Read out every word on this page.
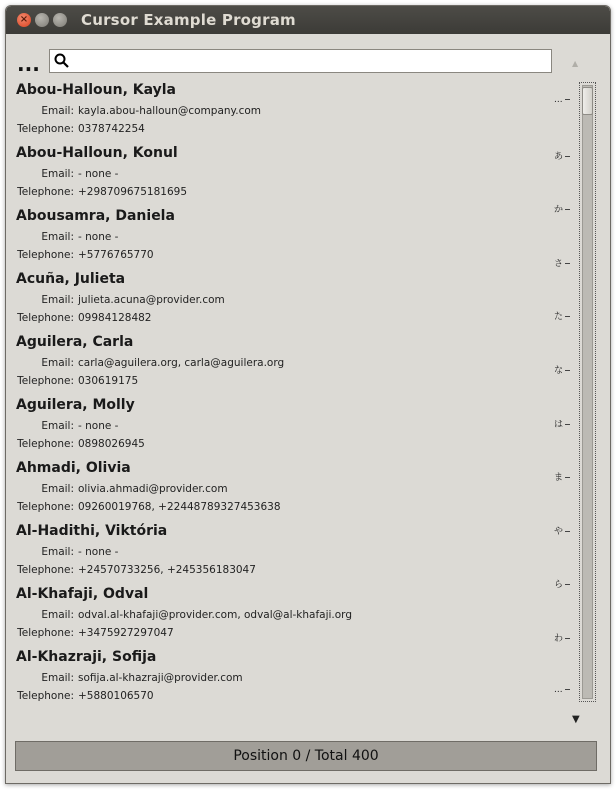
×	Cursor Example Program
...
Abou-Halloun, Kayla
Email: kayla.abou-halloun@company.com
Telephone: 0378742254
Abou-Halloun, Konul
Email: - none -
Telephone: +298709675181695
Abousamra, Daniela
Email: - none -
Telephone: +5776765770
Acuña, Julieta
Email: julieta.acuna@provider.com
Telephone: 09984128482
Aguilera, Carla
Email: carla@aguilera.org, carla@aguilera.org
Telephone: 030619175
Aguilera, Molly
Email: - none -
Telephone: 0898026945
Ahmadi, Olivia
Email: olivia.ahmadi@provider.com
Telephone: 09260019768, +22448789327453638
Al-Hadithi, Viktória
Email: - none -
Telephone: +24570733256, +245356183047
Al-Khafaji, Odval
Email: odval.al-khafaji@provider.com, odval@al-khafaji.org
Telephone: +3475927297047
Al-Khazraji, Sofija
Email: sofija.al-khazraji@provider.com
Telephone: +5880106570
▲
...
あ
か
さ
た
な
は
ま
や
ら
わ
...
▼
Position 0 / Total 400
